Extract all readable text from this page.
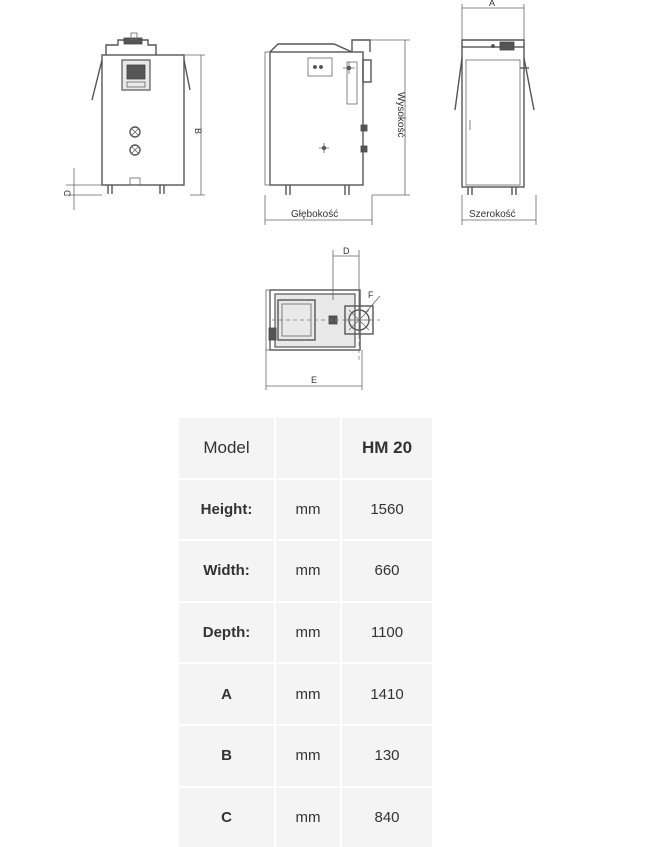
B
C
Głębokość
Wysokość
A
Szerokość
F
D
E
Model		HM 20
Height:	mm	1560
Width:	mm	660
Depth:	mm	1100
A	mm	1410
B	mm	130
C	mm	840
